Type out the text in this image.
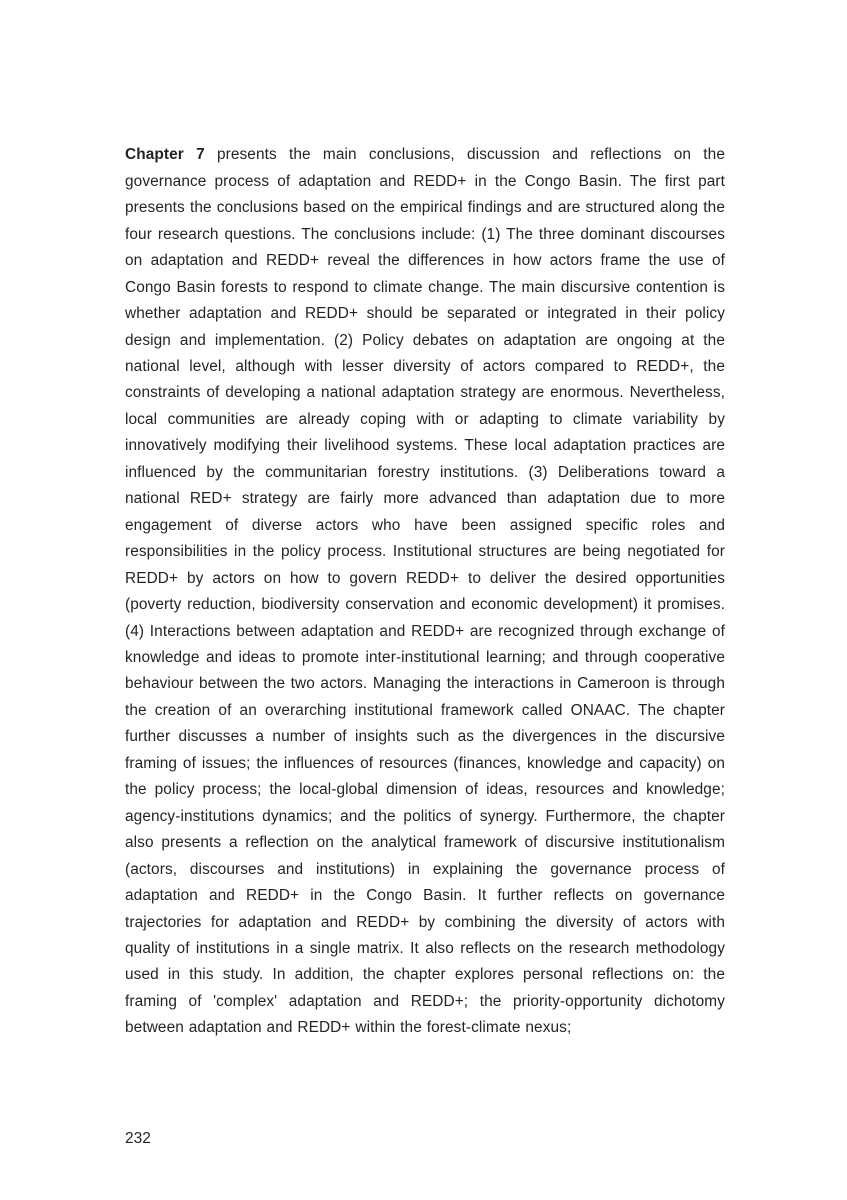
Chapter 7 presents the main conclusions, discussion and reflections on the governance process of adaptation and REDD+ in the Congo Basin. The first part presents the conclusions based on the empirical findings and are structured along the four research questions. The conclusions include: (1) The three dominant discourses on adaptation and REDD+ reveal the differences in how actors frame the use of Congo Basin forests to respond to climate change. The main discursive contention is whether adaptation and REDD+ should be separated or integrated in their policy design and implementation. (2) Policy debates on adaptation are ongoing at the national level, although with lesser diversity of actors compared to REDD+, the constraints of developing a national adaptation strategy are enormous. Nevertheless, local communities are already coping with or adapting to climate variability by innovatively modifying their livelihood systems. These local adaptation practices are influenced by the communitarian forestry institutions. (3) Deliberations toward a national RED+ strategy are fairly more advanced than adaptation due to more engagement of diverse actors who have been assigned specific roles and responsibilities in the policy process. Institutional structures are being negotiated for REDD+ by actors on how to govern REDD+ to deliver the desired opportunities (poverty reduction, biodiversity conservation and economic development) it promises. (4) Interactions between adaptation and REDD+ are recognized through exchange of knowledge and ideas to promote inter-institutional learning; and through cooperative behaviour between the two actors. Managing the interactions in Cameroon is through the creation of an overarching institutional framework called ONAAC. The chapter further discusses a number of insights such as the divergences in the discursive framing of issues; the influences of resources (finances, knowledge and capacity) on the policy process; the local-global dimension of ideas, resources and knowledge; agency-institutions dynamics; and the politics of synergy. Furthermore, the chapter also presents a reflection on the analytical framework of discursive institutionalism (actors, discourses and institutions) in explaining the governance process of adaptation and REDD+ in the Congo Basin. It further reflects on governance trajectories for adaptation and REDD+ by combining the diversity of actors with quality of institutions in a single matrix. It also reflects on the research methodology used in this study. In addition, the chapter explores personal reflections on: the framing of 'complex' adaptation and REDD+; the priority-opportunity dichotomy between adaptation and REDD+ within the forest-climate nexus;

232
